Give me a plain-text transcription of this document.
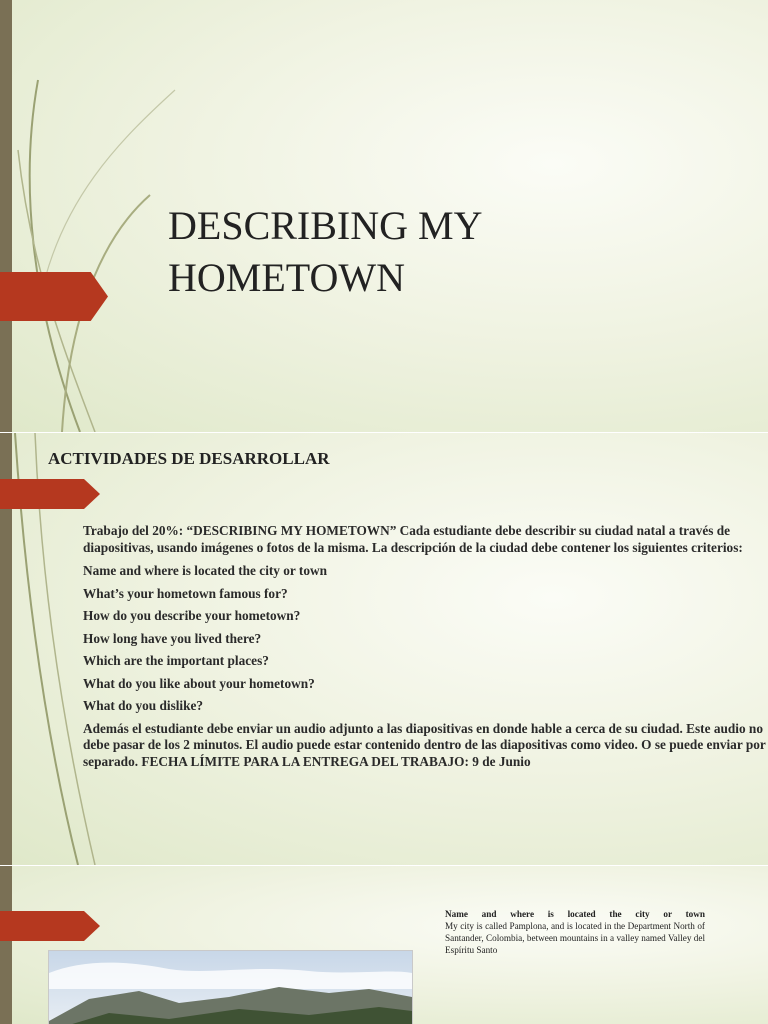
DESCRIBING MY
HOMETOWN
ACTIVIDADES DE DESARROLLAR
Trabajo del 20%: “DESCRIBING MY HOMETOWN” Cada estudiante debe describir su ciudad natal a través de diapositivas, usando imágenes o fotos de la misma. La descripción de la ciudad debe contener los siguientes criterios:
Name and where is located the city or town
What’s your hometown famous for?
How do you describe your hometown?
How long have you lived there?
Which are the important places?
What do you like about your hometown?
What do you dislike?
Además el estudiante debe enviar un audio adjunto a las diapositivas en donde hable a cerca de su ciudad. Este audio no debe pasar de los 2 minutos. El audio puede estar contenido dentro de las diapositivas como video. O se puede enviar por separado. FECHA LÍMITE PARA LA ENTREGA DEL TRABAJO: 9 de Junio
Name and where is located the city or town
My city is called Pamplona, and is located in the Department North of Santander, Colombia, between mountains in a valley named Valley del Espíritu Santo
